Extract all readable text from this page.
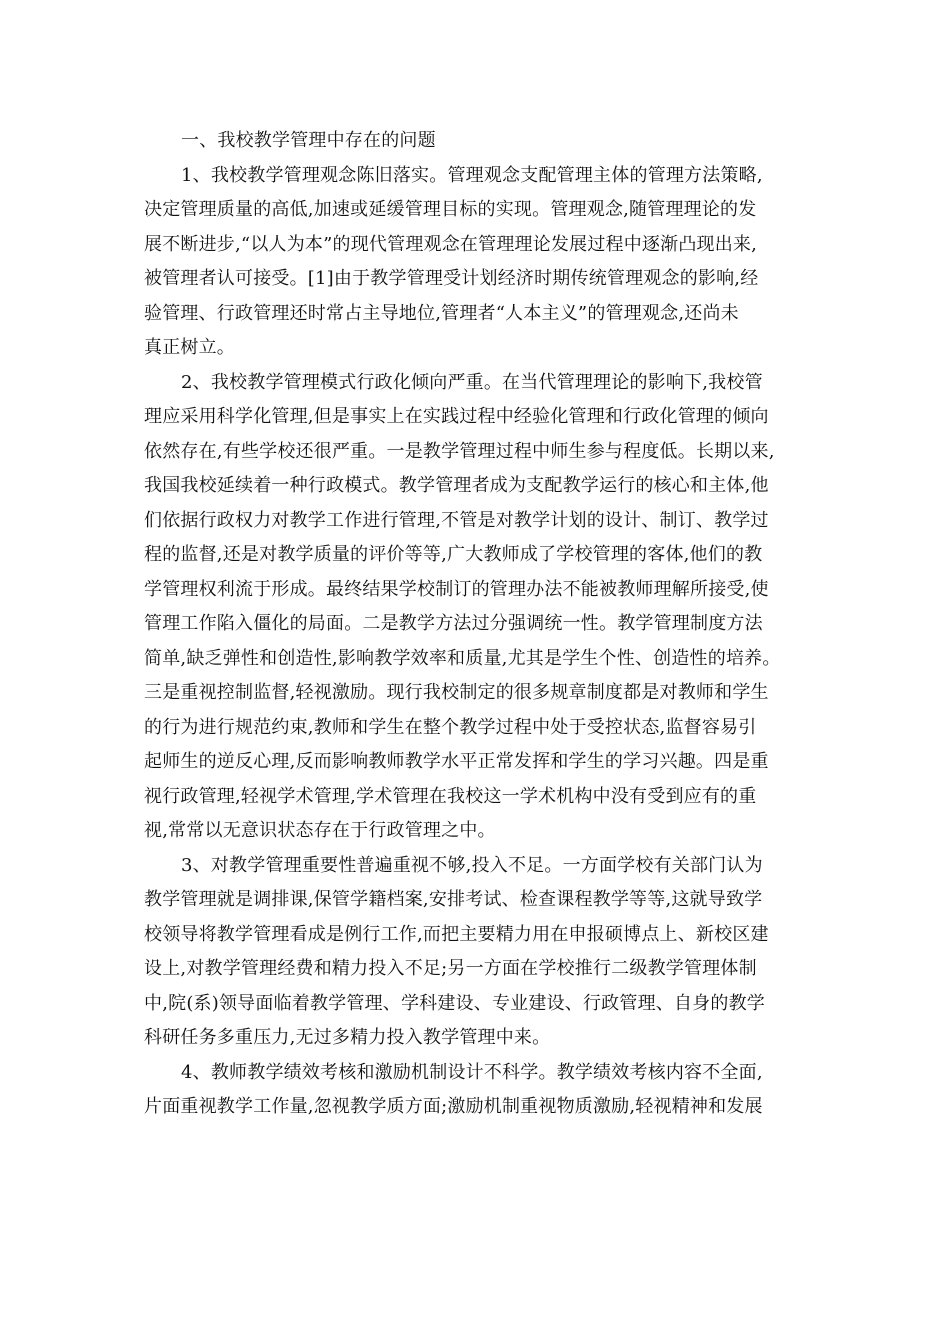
一、我校教学管理中存在的问题
1、我校教学管理观念陈旧落实。管理观念支配管理主体的管理方法策略,
决定管理质量的高低,加速或延缓管理目标的实现。管理观念,随管理理论的发
展不断进步,“以人为本”的现代管理观念在管理理论发展过程中逐渐凸现出来,
被管理者认可接受。[1]由于教学管理受计划经济时期传统管理观念的影响,经
验管理、行政管理还时常占主导地位,管理者“人本主义”的管理观念,还尚未
真正树立。
2、我校教学管理模式行政化倾向严重。在当代管理理论的影响下,我校管
理应采用科学化管理,但是事实上在实践过程中经验化管理和行政化管理的倾向
依然存在,有些学校还很严重。一是教学管理过程中师生参与程度低。长期以来,
我国我校延续着一种行政模式。教学管理者成为支配教学运行的核心和主体,他
们依据行政权力对教学工作进行管理,不管是对教学计划的设计、制订、教学过
程的监督,还是对教学质量的评价等等,广大教师成了学校管理的客体,他们的教
学管理权利流于形成。最终结果学校制订的管理办法不能被教师理解所接受,使
管理工作陷入僵化的局面。二是教学方法过分强调统一性。教学管理制度方法
简单,缺乏弹性和创造性,影响教学效率和质量,尤其是学生个性、创造性的培养。
三是重视控制监督,轻视激励。现行我校制定的很多规章制度都是对教师和学生
的行为进行规范约束,教师和学生在整个教学过程中处于受控状态,监督容易引
起师生的逆反心理,反而影响教师教学水平正常发挥和学生的学习兴趣。四是重
视行政管理,轻视学术管理,学术管理在我校这一学术机构中没有受到应有的重
视,常常以无意识状态存在于行政管理之中。
3、对教学管理重要性普遍重视不够,投入不足。一方面学校有关部门认为
教学管理就是调排课,保管学籍档案,安排考试、检查课程教学等等,这就导致学
校领导将教学管理看成是例行工作,而把主要精力用在申报硕博点上、新校区建
设上,对教学管理经费和精力投入不足;另一方面在学校推行二级教学管理体制
中,院(系)领导面临着教学管理、学科建设、专业建设、行政管理、自身的教学
科研任务多重压力,无过多精力投入教学管理中来。
4、教师教学绩效考核和激励机制设计不科学。教学绩效考核内容不全面,
片面重视教学工作量,忽视教学质方面;激励机制重视物质激励,轻视精神和发展
